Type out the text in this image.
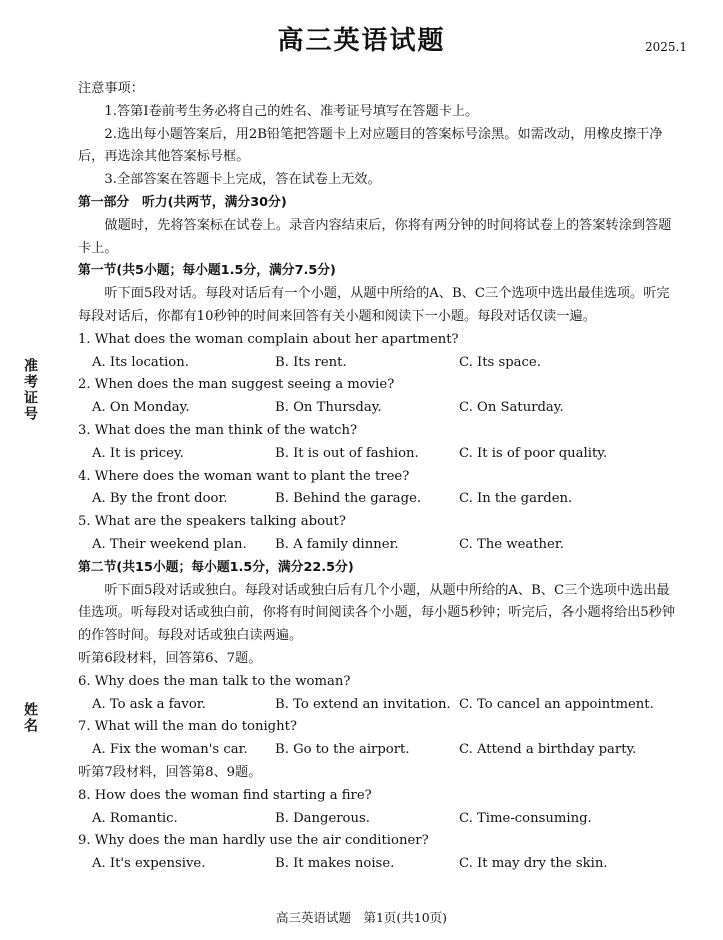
高三英语试题	2025.1
准考证号
姓名

注意事项：

1.答第Ⅰ卷前考生务必将自己的姓名、准考证号填写在答题卡上。

2.选出每小题答案后，用2B铅笔把答题卡上对应题目的答案标号涂黑。如需改动，用橡皮擦干净后，再选涂其他答案标号框。

3.全部答案在答题卡上完成，答在试卷上无效。

第一部分　听力(共两节，满分30分)

做题时，先将答案标在试卷上。录音内容结束后，你将有两分钟的时间将试卷上的答案转涂到答题卡上。

第一节(共5小题；每小题1.5分，满分7.5分)

听下面5段对话。每段对话后有一个小题，从题中所给的A、B、C三个选项中选出最佳选项。听完每段对话后，你都有10秒钟的时间来回答有关小题和阅读下一小题。每段对话仅读一遍。

1. What does the woman complain about her apartment?

A. Its location.	B. Its rent.	C. Its space.

2. When does the man suggest seeing a movie?

A. On Monday.	B. On Thursday.	C. On Saturday.

3. What does the man think of the watch?

A. It is pricey.	B. It is out of fashion.	C. It is of poor quality.

4. Where does the woman want to plant the tree?

A. By the front door.	B. Behind the garage.	C. In the garden.

5. What are the speakers talking about?

A. Their weekend plan.	B. A family dinner.	C. The weather.

第二节(共15小题；每小题1.5分，满分22.5分)

听下面5段对话或独白。每段对话或独白后有几个小题，从题中所给的A、B、C三个选项中选出最佳选项。听每段对话或独白前，你将有时间阅读各个小题，每小题5秒钟；听完后，各小题将给出5秒钟的作答时间。每段对话或独白读两遍。

听第6段材料，回答第6、7题。

6. Why does the man talk to the woman?

A. To ask a favor.	B. To extend an invitation. C. To cancel an appointment.

7. What will the man do tonight?

A. Fix the woman's car.	B. Go to the airport.	C. Attend a birthday party.

听第7段材料，回答第8、9题。

8. How does the woman find starting a fire?

A. Romantic.	B. Dangerous.	C. Time-consuming.

9. Why does the man hardly use the air conditioner?

A. It's expensive.	B. It makes noise.	C. It may dry the skin.
高三英语试题　第1页(共10页)
